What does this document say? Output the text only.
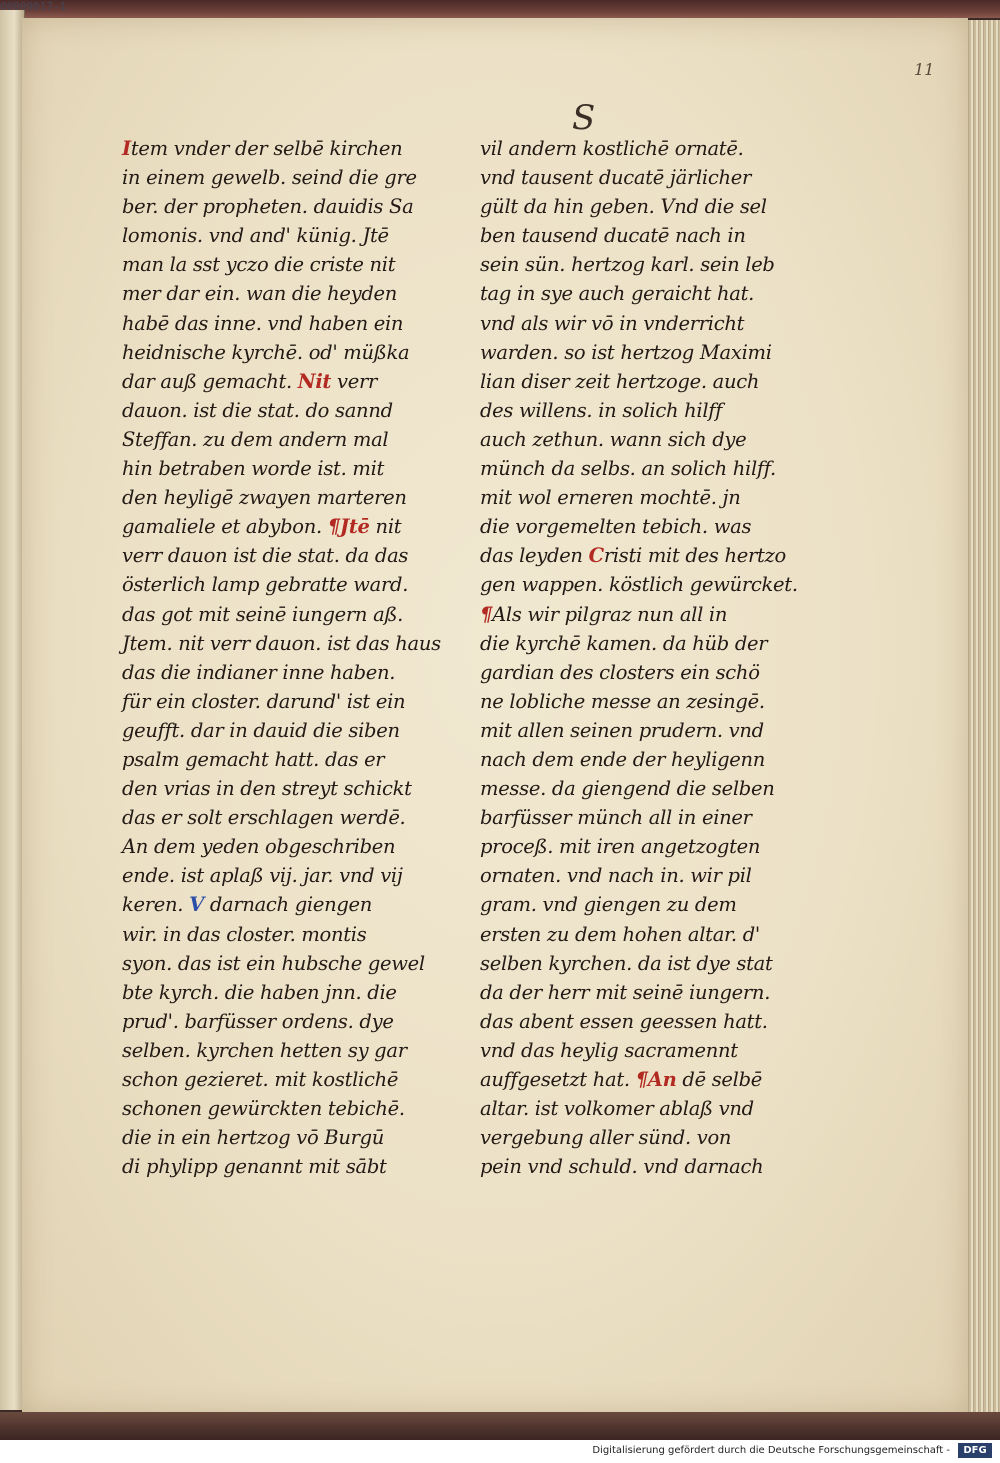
11
S
Item vnder der selbē kirchen
in einem gewelb. seind die gre
ber. der propheten. dauidis Sa
lomonis. vnd and' künig. Jtē
man la sst yczo die criste nit
mer dar ein. wan die heyden
habē das inne. vnd haben ein
heidnische kyrchē. od' müßka
dar auß gemacht. Nit verr
dauon. ist die stat. do sannd
Steffan. zu dem andern mal
hin betraben worde ist. mit
den heyligē zwayen marteren
gamaliele et abybon. ¶Jtē nit
verr dauon ist die stat. da das
österlich lamp gebratte ward.
das got mit seinē iungern aß.
Jtem. nit verr dauon. ist das haus
das die indianer inne haben.
für ein closter. darund' ist ein
geufft. dar in dauid die siben
psalm gemacht hatt. das er
den vrias in den streyt schickt
das er solt erschlagen werdē.
An dem yeden obgeschriben
ende. ist aplaß vij. jar. vnd vij
keren. V darnach giengen
wir. in das closter. montis
syon. das ist ein hubsche gewel
bte kyrch. die haben jnn. die
prud'. barfüsser ordens. dye
selben. kyrchen hetten sy gar
schon gezieret. mit kostlichē
schonen gewürckten tebichē.
die in ein hertzog vō Burgū
di phylipp genannt mit sābt
vil andern kostlichē ornatē.
vnd tausent ducatē järlicher
gült da hin geben. Vnd die sel
ben tausend ducatē nach in
sein sün. hertzog karl. sein leb
tag in sye auch geraicht hat.
vnd als wir vō in vnderricht
warden. so ist hertzog Maximi
lian diser zeit hertzoge. auch
des willens. in solich hilff
auch zethun. wann sich dye
münch da selbs. an solich hilff.
mit wol erneren mochtē. jn
die vorgemelten tebich. was
das leyden Cristi mit des hertzo
gen wappen. köstlich gewürcket.
¶Als wir pilgraz nun all in
die kyrchē kamen. da hüb der
gardian des closters ein schö
ne lobliche messe an zesingē.
mit allen seinen prudern. vnd
nach dem ende der heyligenn
messe. da giengend die selben
barfüsser münch all in einer
proceß. mit iren angetzogten
ornaten. vnd nach in. wir pil
gram. vnd giengen zu dem
ersten zu dem hohen altar. d'
selben kyrchen. da ist dye stat
da der herr mit seinē iungern.
das abent essen geessen hatt.
vnd das heylig sacramennt
auffgesetzt hat. ¶An dē selbē
altar. ist volkomer ablaß vnd
vergebung aller sünd. von
pein vnd schuld. vnd darnach
00009017-1
Digitalisierung gefördert durch die Deutsche Forschungsgemeinschaft -	DFG
